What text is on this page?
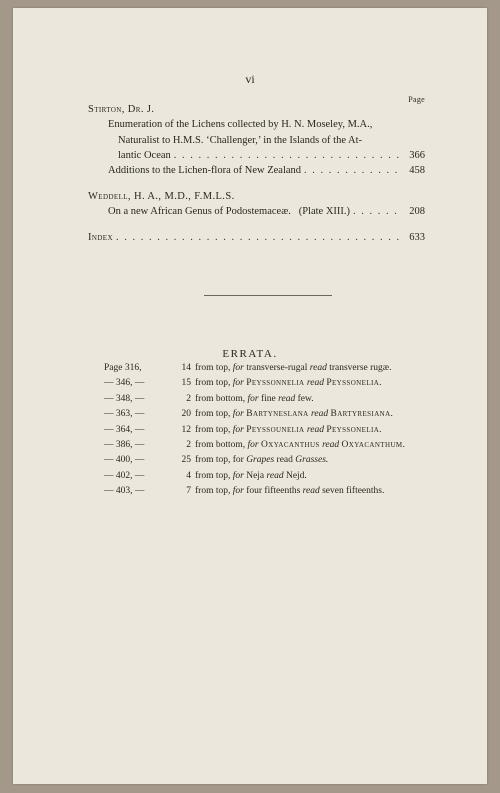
vi
Page
Stirton, Dr. J.
Enumeration of the Lichens collected by H. N. Moseley, M.A.,
Naturalist to H.M.S. ‘Challenger,’ in the Islands of the At-
lantic Ocean . . .	366
Additions to the Lichen-flora of New Zealand . . .	458
Weddell, H. A., M.D., F.M.L.S.
On a new African Genus of Podostemaceæ.   (Plate XIII.) . . .	208
Index . . .	633
ERRATA.
Page 316,	14 from top, for transverse-rugal read transverse rugæ.
— 346, —	15 from top, for Peyssonnelia read Peyssonelia.
— 348, —	2 from bottom, for fine read few.
— 363, —	20 from top, for Bartyneslana read Bartyresiana.
— 364, —	12 from top, for Peyssounelia read Peyssonelia.
— 386, —	2 from bottom, for Oxyacanthus read Oxyacanthum.
— 400, —	25 from top, for Grapes read Grasses.
— 402, —	4 from top, for Neja read Nejd.
— 403, —	7 from top, for four fifteenths read seven fifteenths.
